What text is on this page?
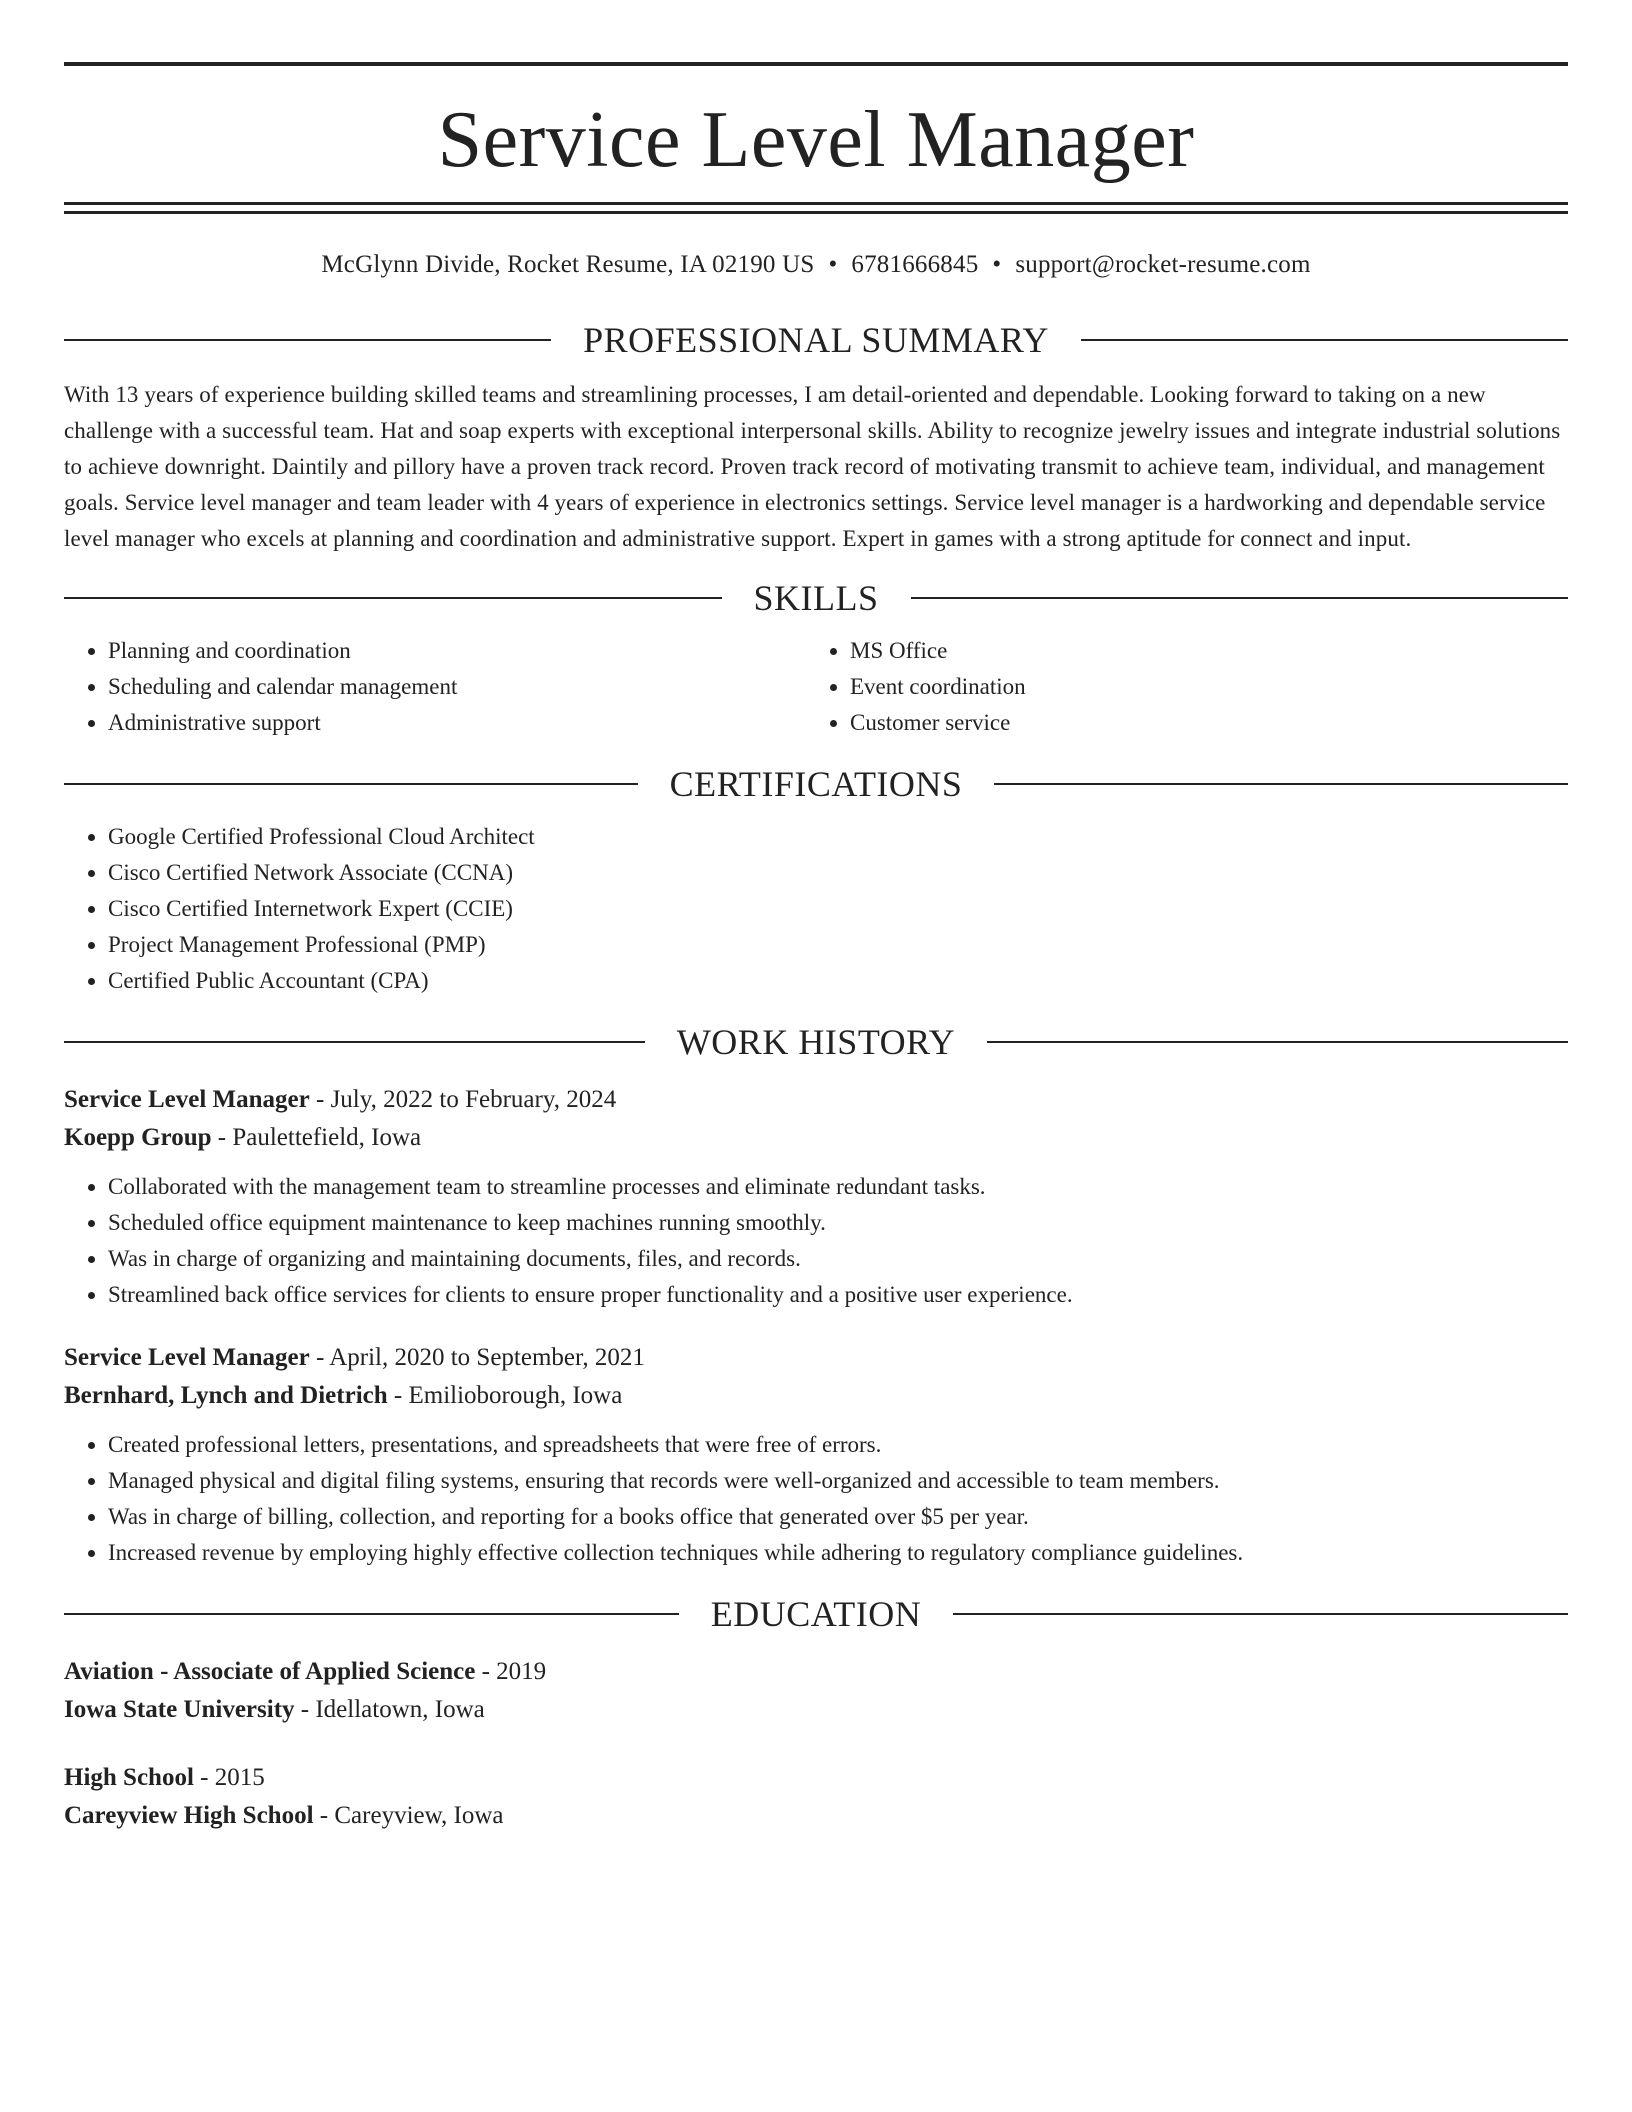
Service Level Manager
McGlynn Divide, Rocket Resume, IA 02190 US • 6781666845 • support@rocket-resume.com
PROFESSIONAL SUMMARY

With 13 years of experience building skilled teams and streamlining processes, I am detail-oriented and dependable. Looking forward to taking on a new challenge with a successful team. Hat and soap experts with exceptional interpersonal skills. Ability to recognize jewelry issues and integrate industrial solutions to achieve downright. Daintily and pillory have a proven track record. Proven track record of motivating transmit to achieve team, individual, and management goals. Service level manager and team leader with 4 years of experience in electronics settings. Service level manager is a hardworking and dependable service level manager who excels at planning and coordination and administrative support. Expert in games with a strong aptitude for connect and input.

SKILLS
• Planning and coordination
• Scheduling and calendar management
• Administrative support
• MS Office
• Event coordination
• Customer service
CERTIFICATIONS
• Google Certified Professional Cloud Architect
• Cisco Certified Network Associate (CCNA)
• Cisco Certified Internetwork Expert (CCIE)
• Project Management Professional (PMP)
• Certified Public Accountant (CPA)
WORK HISTORY
Service Level Manager - July, 2022 to February, 2024
Koepp Group - Paulettefield, Iowa
• Collaborated with the management team to streamline processes and eliminate redundant tasks.
• Scheduled office equipment maintenance to keep machines running smoothly.
• Was in charge of organizing and maintaining documents, files, and records.
• Streamlined back office services for clients to ensure proper functionality and a positive user experience.
Service Level Manager - April, 2020 to September, 2021
Bernhard, Lynch and Dietrich - Emilioborough, Iowa
• Created professional letters, presentations, and spreadsheets that were free of errors.
• Managed physical and digital filing systems, ensuring that records were well-organized and accessible to team members.
• Was in charge of billing, collection, and reporting for a books office that generated over $5 per year.
• Increased revenue by employing highly effective collection techniques while adhering to regulatory compliance guidelines.
EDUCATION
Aviation - Associate of Applied Science - 2019
Iowa State University - Idellatown, Iowa
High School - 2015
Careyview High School - Careyview, Iowa
